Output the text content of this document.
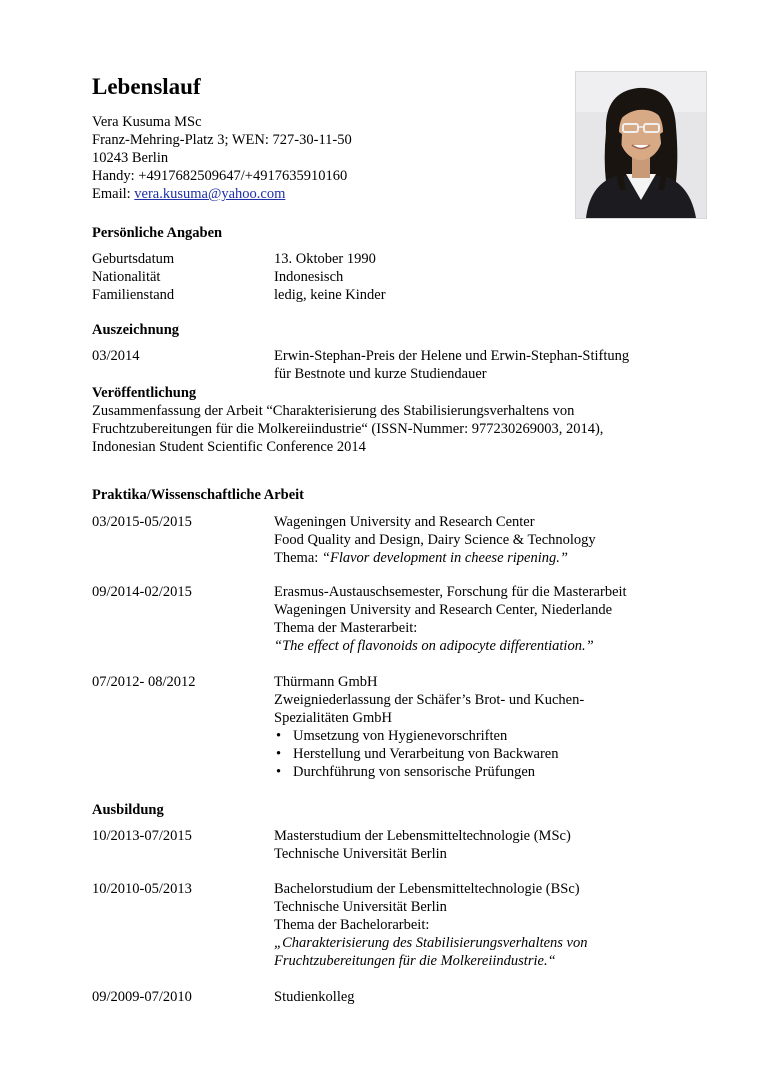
Lebenslauf
Vera Kusuma MSc
Franz-Mehring-Platz 3; WEN: 727-30-11-50
10243 Berlin
Handy: +4917682509647/+4917635910160
Email: vera.kusuma@yahoo.com
Persönliche Angaben
Geburtsdatum	13. Oktober 1990
Nationalität	Indonesisch
Familienstand	ledig, keine Kinder
Auszeichnung
03/2014	Erwin-Stephan-Preis der Helene und Erwin-Stephan-Stiftung
für Bestnote und kurze Studiendauer
Veröffentlichung
Zusammenfassung der Arbeit “Charakterisierung des Stabilisierungsverhaltens von
Fruchtzubereitungen für die Molkereiindustrie“ (ISSN-Nummer: 977230269003, 2014),
Indonesian Student Scientific Conference 2014
Praktika/Wissenschaftliche Arbeit
03/2015-05/2015	Wageningen University and Research Center
Food Quality and Design, Dairy Science & Technology
Thema: “Flavor development in cheese ripening.”
09/2014-02/2015	Erasmus-Austauschsemester, Forschung für die Masterarbeit
Wageningen University and Research Center, Niederlande
Thema der Masterarbeit:
“The effect of flavonoids on adipocyte differentiation.”
07/2012- 08/2012	Thürmann GmbH
Zweigniederlassung der Schäfer’s Brot- und Kuchen-
Spezialitäten GmbH
• Umsetzung von Hygienevorschriften
• Herstellung und Verarbeitung von Backwaren
• Durchführung von sensorische Prüfungen
Ausbildung
10/2013-07/2015	Masterstudium der Lebensmitteltechnologie (MSc)
Technische Universität Berlin
10/2010-05/2013	Bachelorstudium der Lebensmitteltechnologie (BSc)
Technische Universität Berlin
Thema der Bachelorarbeit:
„Charakterisierung des Stabilisierungsverhaltens von
Fruchtzubereitungen für die Molkereiindustrie.“
09/2009-07/2010	Studienkolleg
